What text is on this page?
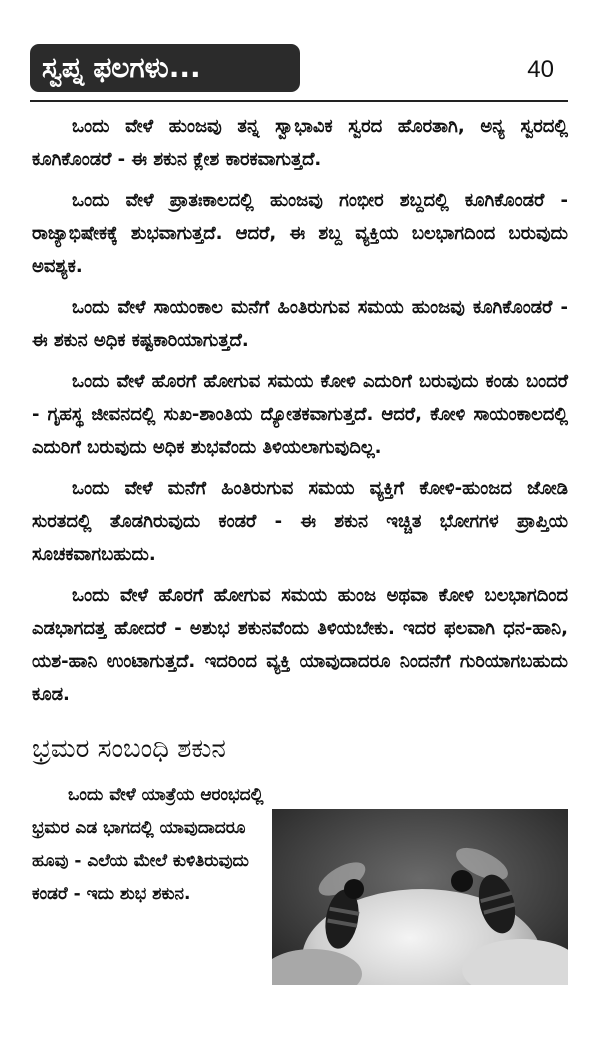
ಸ್ವಪ್ನ ಫಲಗಳು...	40

ಒಂದು ವೇಳೆ ಹುಂಜವು ತನ್ನ ಸ್ವಾಭಾವಿಕ ಸ್ವರದ ಹೊರತಾಗಿ, ಅನ್ಯ ಸ್ವರದಲ್ಲಿ ಕೂಗಿಕೊಂಡರೆ - ಈ ಶಕುನ ಕ್ಲೇಶ ಕಾರಕವಾಗುತ್ತದೆ.

ಒಂದು ವೇಳೆ ಪ್ರಾತಃಕಾಲದಲ್ಲಿ ಹುಂಜವು ಗಂಭೀರ ಶಬ್ದದಲ್ಲಿ ಕೂಗಿಕೊಂಡರೆ - ರಾಜ್ಯಾಭಿಷೇಕಕ್ಕೆ ಶುಭವಾಗುತ್ತದೆ. ಆದರೆ, ಈ ಶಬ್ದ ವ್ಯಕ್ತಿಯ ಬಲಭಾಗದಿಂದ ಬರುವುದು ಅವಶ್ಯಕ.

ಒಂದು ವೇಳೆ ಸಾಯಂಕಾಲ ಮನೆಗೆ ಹಿಂತಿರುಗುವ ಸಮಯ ಹುಂಜವು ಕೂಗಿಕೊಂಡರೆ - ಈ ಶಕುನ ಅಧಿಕ ಕಷ್ಟಕಾರಿಯಾಗುತ್ತದೆ.

ಒಂದು ವೇಳೆ ಹೊರಗೆ ಹೋಗುವ ಸಮಯ ಕೋಳಿ ಎದುರಿಗೆ ಬರುವುದು ಕಂಡು ಬಂದರೆ - ಗೃಹಸ್ಥ ಜೀವನದಲ್ಲಿ ಸುಖ-ಶಾಂತಿಯ ದ್ಯೋತಕವಾಗುತ್ತದೆ. ಆದರೆ, ಕೋಳಿ ಸಾಯಂಕಾಲದಲ್ಲಿ ಎದುರಿಗೆ ಬರುವುದು ಅಧಿಕ ಶುಭವೆಂದು ತಿಳಿಯಲಾಗುವುದಿಲ್ಲ.

ಒಂದು ವೇಳೆ ಮನೆಗೆ ಹಿಂತಿರುಗುವ ಸಮಯ ವ್ಯಕ್ತಿಗೆ ಕೋಳಿ-ಹುಂಜದ ಜೋಡಿ ಸುರತದಲ್ಲಿ ತೊಡಗಿರುವುದು ಕಂಡರೆ - ಈ ಶಕುನ ಇಚ್ಚಿತ ಭೋಗಗಳ ಪ್ರಾಪ್ತಿಯ ಸೂಚಕವಾಗಬಹುದು.

ಒಂದು ವೇಳೆ ಹೊರಗೆ ಹೋಗುವ ಸಮಯ ಹುಂಜ ಅಥವಾ ಕೋಳಿ ಬಲಭಾಗದಿಂದ ಎಡಭಾಗದತ್ತ ಹೋದರೆ - ಅಶುಭ ಶಕುನವೆಂದು ತಿಳಿಯಬೇಕು. ಇದರ ಫಲವಾಗಿ ಧನ-ಹಾನಿ, ಯಶ-ಹಾನಿ ಉಂಟಾಗುತ್ತದೆ. ಇದರಿಂದ ವ್ಯಕ್ತಿ ಯಾವುದಾದರೂ ನಿಂದನೆಗೆ ಗುರಿಯಾಗಬಹುದು ಕೂಡ.

ಭ್ರಮರ ಸಂಬಂಧಿ ಶಕುನ

ಒಂದು ವೇಳೆ ಯಾತ್ರೆಯ ಆರಂಭದಲ್ಲಿ ಭ್ರಮರ ಎಡ ಭಾಗದಲ್ಲಿ ಯಾವುದಾದರೂ ಹೂವು - ಎಲೆಯ ಮೇಲೆ ಕುಳಿತಿರುವುದು ಕಂಡರೆ - ಇದು ಶುಭ ಶಕುನ.
